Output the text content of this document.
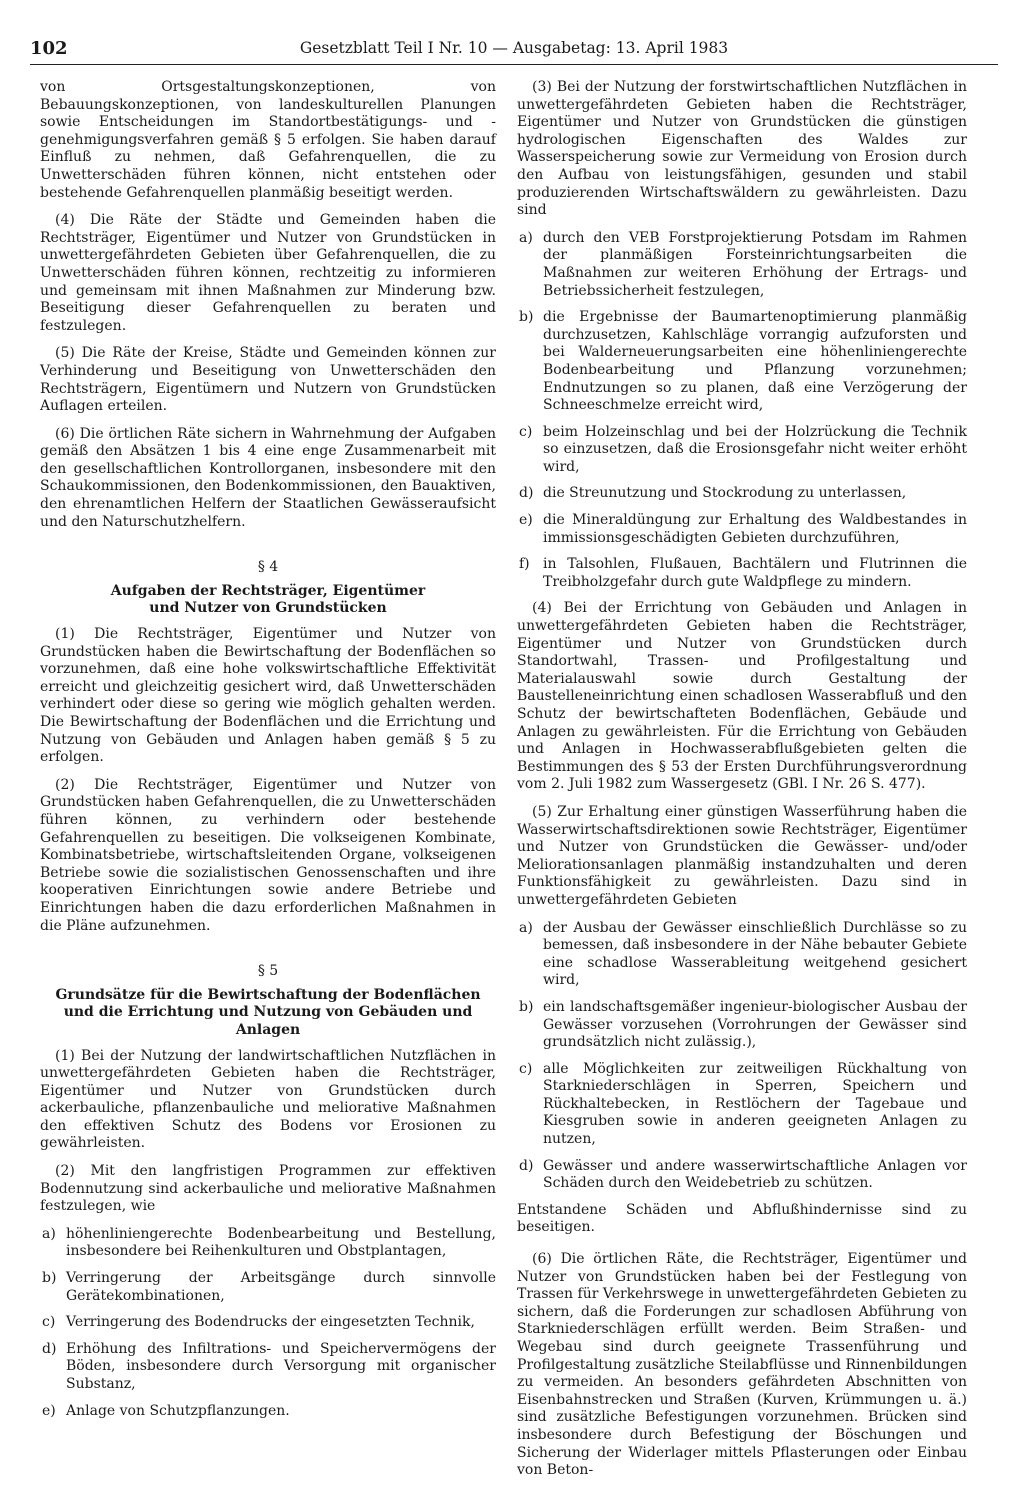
102	Gesetzblatt Teil I Nr. 10 — Ausgabetag: 13. April 1983

von Ortsgestaltungskonzeptionen, von Bebauungskonzeptionen, von landeskulturellen Planungen sowie Entscheidungen im Standortbestätigungs- und -genehmigungsverfahren gemäß § 5 erfolgen. Sie haben darauf Einfluß zu nehmen, daß Gefahrenquellen, die zu Unwetterschäden führen können, nicht entstehen oder bestehende Gefahrenquellen planmäßig beseitigt werden.

(4) Die Räte der Städte und Gemeinden haben die Rechtsträger, Eigentümer und Nutzer von Grundstücken in unwettergefährdeten Gebieten über Gefahrenquellen, die zu Unwetterschäden führen können, rechtzeitig zu informieren und gemeinsam mit ihnen Maßnahmen zur Minderung bzw. Beseitigung dieser Gefahrenquellen zu beraten und festzulegen.

(5) Die Räte der Kreise, Städte und Gemeinden können zur Verhinderung und Beseitigung von Unwetterschäden den Rechtsträgern, Eigentümern und Nutzern von Grundstücken Auflagen erteilen.

(6) Die örtlichen Räte sichern in Wahrnehmung der Aufgaben gemäß den Absätzen 1 bis 4 eine enge Zusammenarbeit mit den gesellschaftlichen Kontrollorganen, insbesondere mit den Schaukommissionen, den Bodenkommissionen, den Bauaktiven, den ehrenamtlichen Helfern der Staatlichen Gewässeraufsicht und den Naturschutzhelfern.

§ 4
Aufgaben der Rechtsträger, Eigentümer
und Nutzer von Grundstücken

(1) Die Rechtsträger, Eigentümer und Nutzer von Grundstücken haben die Bewirtschaftung der Bodenflächen so vorzunehmen, daß eine hohe volkswirtschaftliche Effektivität erreicht und gleichzeitig gesichert wird, daß Unwetterschäden verhindert oder diese so gering wie möglich gehalten werden. Die Bewirtschaftung der Bodenflächen und die Errichtung und Nutzung von Gebäuden und Anlagen haben gemäß § 5 zu erfolgen.

(2) Die Rechtsträger, Eigentümer und Nutzer von Grundstücken haben Gefahrenquellen, die zu Unwetterschäden führen können, zu verhindern oder bestehende Gefahrenquellen zu beseitigen. Die volkseigenen Kombinate, Kombinatsbetriebe, wirtschaftsleitenden Organe, volkseigenen Betriebe sowie die sozialistischen Genossenschaften und ihre kooperativen Einrichtungen sowie andere Betriebe und Einrichtungen haben die dazu erforderlichen Maßnahmen in die Pläne aufzunehmen.

§ 5
Grundsätze für die Bewirtschaftung der Bodenflächen
und die Errichtung und Nutzung von Gebäuden und Anlagen

(1) Bei der Nutzung der landwirtschaftlichen Nutzflächen in unwettergefährdeten Gebieten haben die Rechtsträger, Eigentümer und Nutzer von Grundstücken durch ackerbauliche, pflanzenbauliche und meliorative Maßnahmen den effektiven Schutz des Bodens vor Erosionen zu gewährleisten.

(2) Mit den langfristigen Programmen zur effektiven Bodennutzung sind ackerbauliche und meliorative Maßnahmen festzulegen, wie

a) höhenliniengerechte Bodenbearbeitung und Bestellung, insbesondere bei Reihenkulturen und Obstplantagen,
b) Verringerung der Arbeitsgänge durch sinnvolle Gerätekombinationen,
c) Verringerung des Bodendrucks der eingesetzten Technik,
d) Erhöhung des Infiltrations- und Speichervermögens der Böden, insbesondere durch Versorgung mit organischer Substanz,
e) Anlage von Schutzpflanzungen.

(3) Bei der Nutzung der forstwirtschaftlichen Nutzflächen in unwettergefährdeten Gebieten haben die Rechtsträger, Eigentümer und Nutzer von Grundstücken die günstigen hydrologischen Eigenschaften des Waldes zur Wasserspeicherung sowie zur Vermeidung von Erosion durch den Aufbau von leistungsfähigen, gesunden und stabil produzierenden Wirtschaftswäldern zu gewährleisten. Dazu sind

a) durch den VEB Forstprojektierung Potsdam im Rahmen der planmäßigen Forsteinrichtungsarbeiten die Maßnahmen zur weiteren Erhöhung der Ertrags- und Betriebssicherheit festzulegen,
b) die Ergebnisse der Baumartenoptimierung planmäßig durchzusetzen, Kahlschläge vorrangig aufzuforsten und bei Walderneuerungsarbeiten eine höhenliniengerechte Bodenbearbeitung und Pflanzung vorzunehmen; Endnutzungen so zu planen, daß eine Verzögerung der Schneeschmelze erreicht wird,
c) beim Holzeinschlag und bei der Holzrückung die Technik so einzusetzen, daß die Erosionsgefahr nicht weiter erhöht wird,
d) die Streunutzung und Stockrodung zu unterlassen,
e) die Mineraldüngung zur Erhaltung des Waldbestandes in immissionsgeschädigten Gebieten durchzuführen,
f) in Talsohlen, Flußauen, Bachtälern und Flutrinnen die Treibholzgefahr durch gute Waldpflege zu mindern.

(4) Bei der Errichtung von Gebäuden und Anlagen in unwettergefährdeten Gebieten haben die Rechtsträger, Eigentümer und Nutzer von Grundstücken durch Standortwahl, Trassen- und Profilgestaltung und Materialauswahl sowie durch Gestaltung der Baustelleneinrichtung einen schadlosen Wasserabfluß und den Schutz der bewirtschafteten Bodenflächen, Gebäude und Anlagen zu gewährleisten. Für die Errichtung von Gebäuden und Anlagen in Hochwasserabflußgebieten gelten die Bestimmungen des § 53 der Ersten Durchführungsverordnung vom 2. Juli 1982 zum Wassergesetz (GBl. I Nr. 26 S. 477).

(5) Zur Erhaltung einer günstigen Wasserführung haben die Wasserwirtschaftsdirektionen sowie Rechtsträger, Eigentümer und Nutzer von Grundstücken die Gewässer- und/oder Meliorationsanlagen planmäßig instandzuhalten und deren Funktionsfähigkeit zu gewährleisten. Dazu sind in unwettergefährdeten Gebieten

a) der Ausbau der Gewässer einschließlich Durchlässe so zu bemessen, daß insbesondere in der Nähe bebauter Gebiete eine schadlose Wasserableitung weitgehend gesichert wird,
b) ein landschaftsgemäßer ingenieur-biologischer Ausbau der Gewässer vorzusehen (Vorrohrungen der Gewässer sind grundsätzlich nicht zulässig.),
c) alle Möglichkeiten zur zeitweiligen Rückhaltung von Starkniederschlägen in Sperren, Speichern und Rückhaltebecken, in Restlöchern der Tagebaue und Kiesgruben sowie in anderen geeigneten Anlagen zu nutzen,
d) Gewässer und andere wasserwirtschaftliche Anlagen vor Schäden durch den Weidebetrieb zu schützen.

Entstandene Schäden und Abflußhindernisse sind zu beseitigen.

(6) Die örtlichen Räte, die Rechtsträger, Eigentümer und Nutzer von Grundstücken haben bei der Festlegung von Trassen für Verkehrswege in unwettergefährdeten Gebieten zu sichern, daß die Forderungen zur schadlosen Abführung von Starkniederschlägen erfüllt werden. Beim Straßen- und Wegebau sind durch geeignete Trassenführung und Profilgestaltung zusätzliche Steilabflüsse und Rinnenbildungen zu vermeiden. An besonders gefährdeten Abschnitten von Eisenbahnstrecken und Straßen (Kurven, Krümmungen u. ä.) sind zusätzliche Befestigungen vorzunehmen. Brücken sind insbesondere durch Befestigung der Böschungen und Sicherung der Widerlager mittels Pflasterungen oder Einbau von Beton-
